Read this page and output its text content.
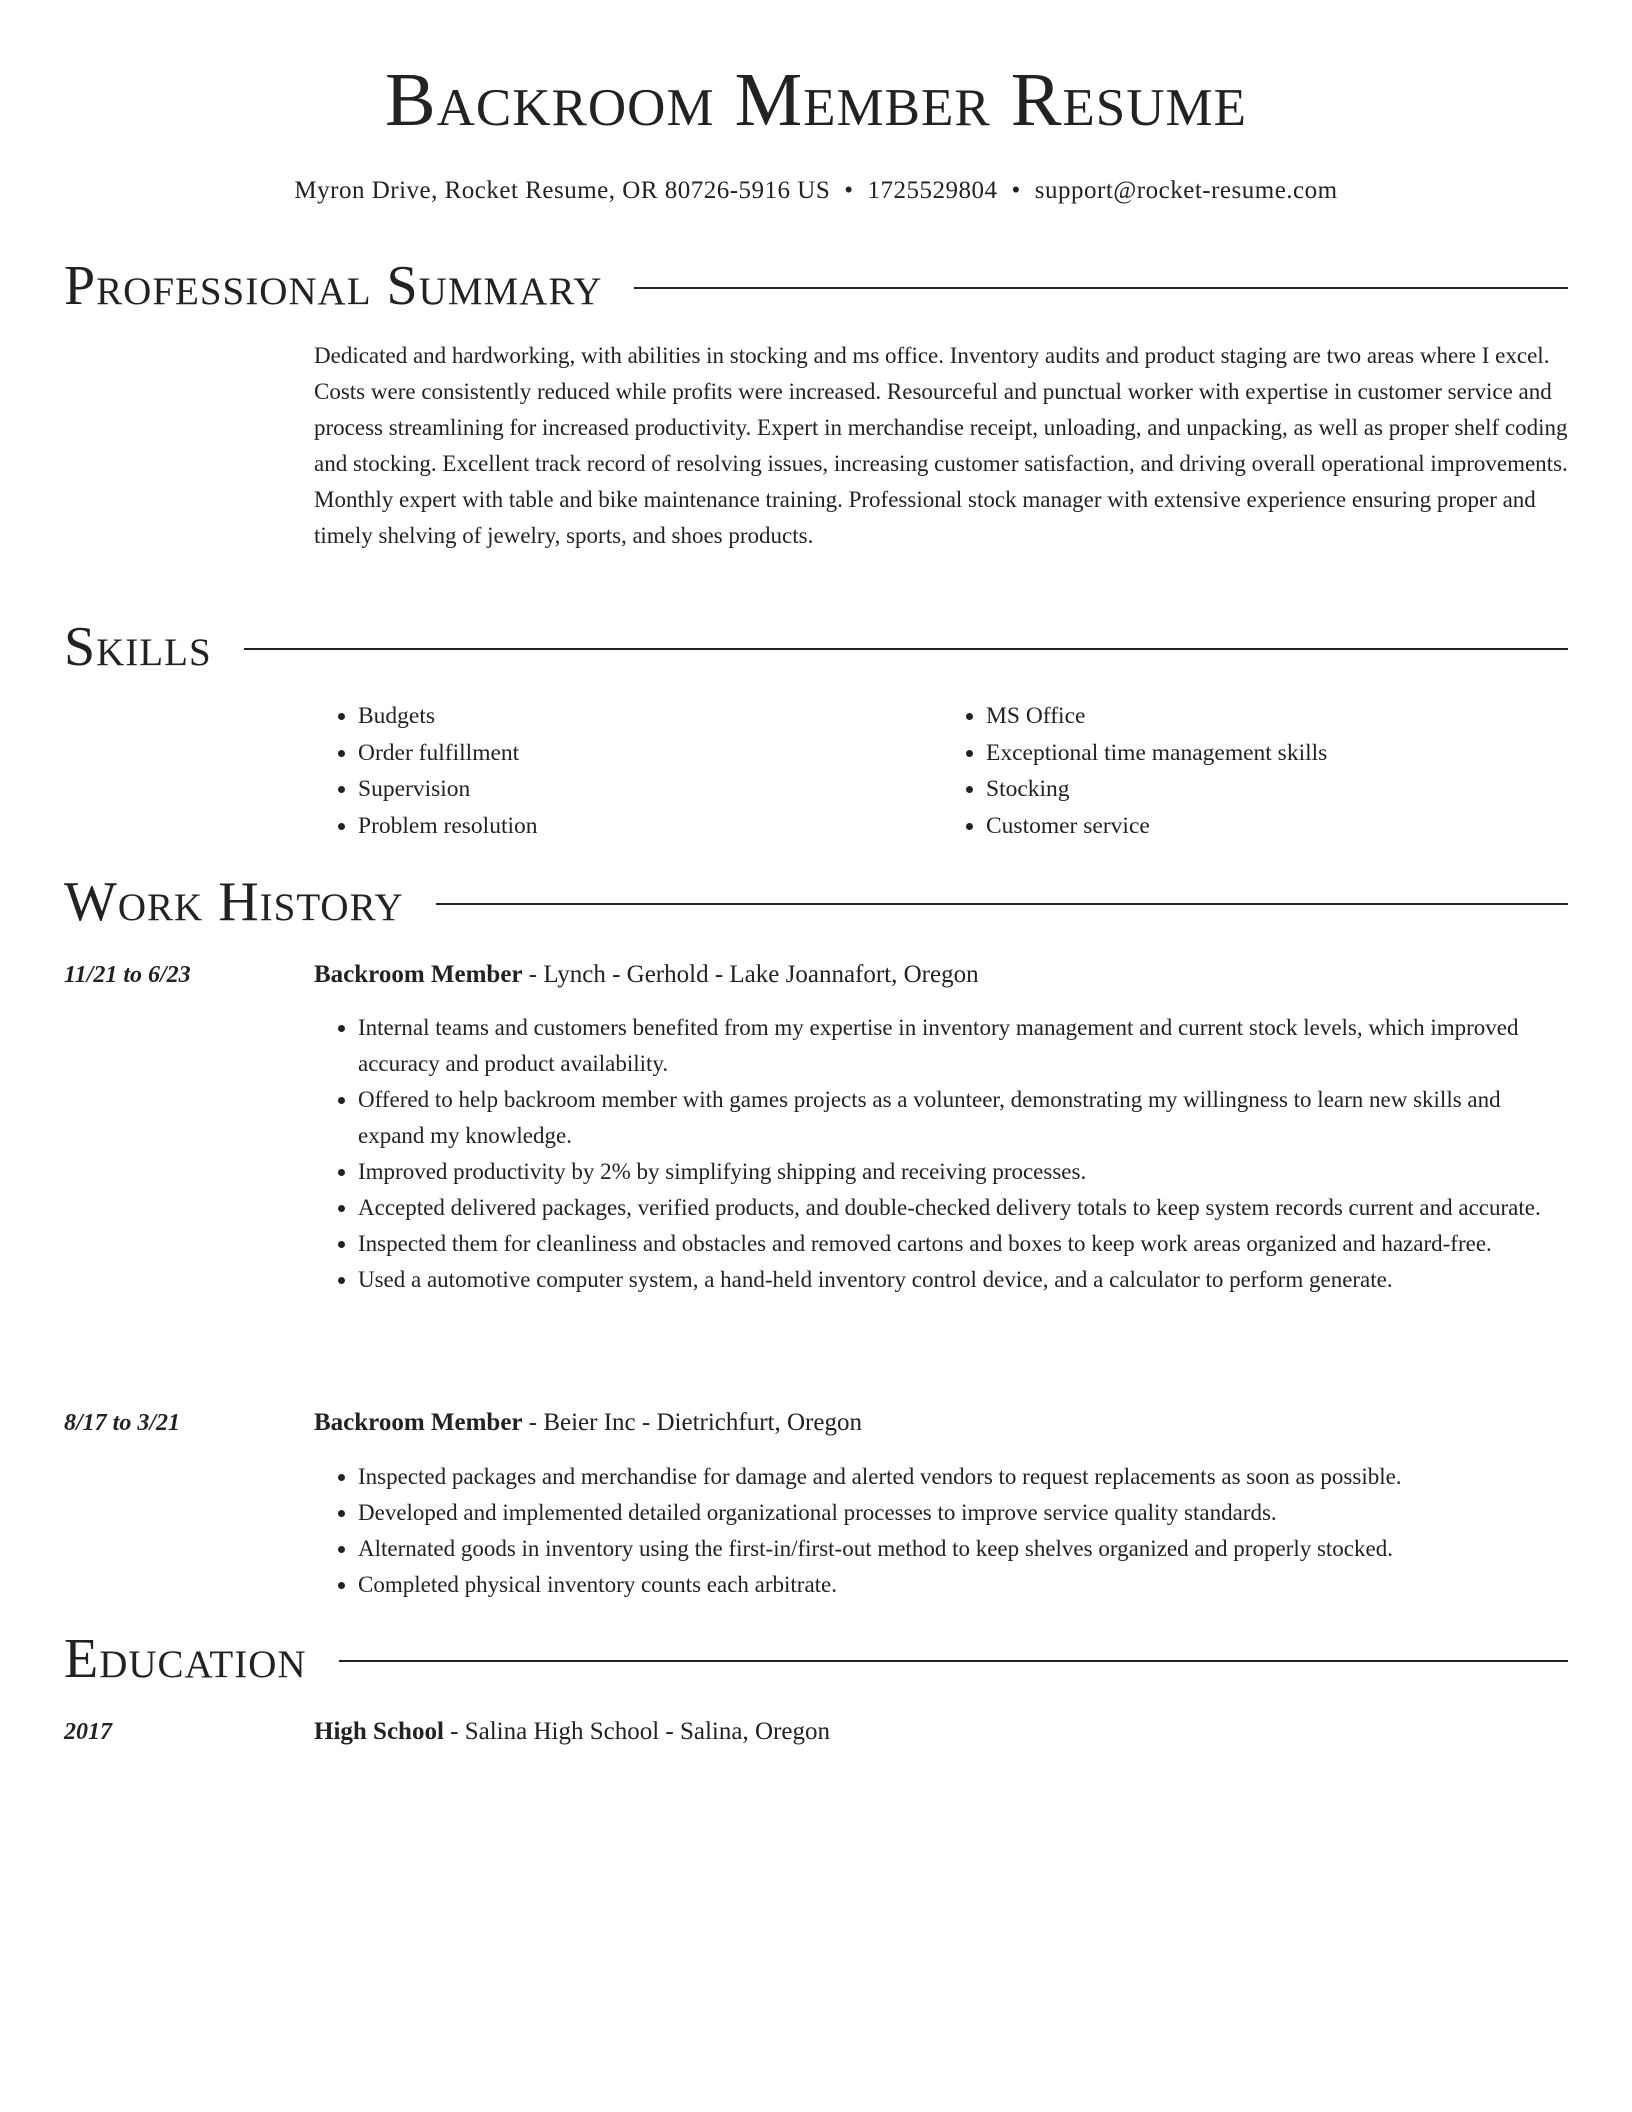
Backroom Member Resume
Myron Drive, Rocket Resume, OR 80726-5916 US • 1725529804 • support@rocket-resume.com
Professional Summary
Dedicated and hardworking, with abilities in stocking and ms office. Inventory audits and product staging are two areas where I excel. Costs were consistently reduced while profits were increased. Resourceful and punctual worker with expertise in customer service and process streamlining for increased productivity. Expert in merchandise receipt, unloading, and unpacking, as well as proper shelf coding and stocking. Excellent track record of resolving issues, increasing customer satisfaction, and driving overall operational improvements. Monthly expert with table and bike maintenance training. Professional stock manager with extensive experience ensuring proper and timely shelving of jewelry, sports, and shoes products.
Skills
• Budgets
• Order fulfillment
• Supervision
• Problem resolution
• MS Office
• Exceptional time management skills
• Stocking
• Customer service
Work History
11/21 to 6/23	Backroom Member - Lynch - Gerhold - Lake Joannafort, Oregon
• Internal teams and customers benefited from my expertise in inventory management and current stock levels, which improved accuracy and product availability.
• Offered to help backroom member with games projects as a volunteer, demonstrating my willingness to learn new skills and expand my knowledge.
• Improved productivity by 2% by simplifying shipping and receiving processes.
• Accepted delivered packages, verified products, and double-checked delivery totals to keep system records current and accurate.
• Inspected them for cleanliness and obstacles and removed cartons and boxes to keep work areas organized and hazard-free.
• Used a automotive computer system, a hand-held inventory control device, and a calculator to perform generate.
8/17 to 3/21	Backroom Member - Beier Inc - Dietrichfurt, Oregon
• Inspected packages and merchandise for damage and alerted vendors to request replacements as soon as possible.
• Developed and implemented detailed organizational processes to improve service quality standards.
• Alternated goods in inventory using the first-in/first-out method to keep shelves organized and properly stocked.
• Completed physical inventory counts each arbitrate.
Education
2017	High School - Salina High School - Salina, Oregon
